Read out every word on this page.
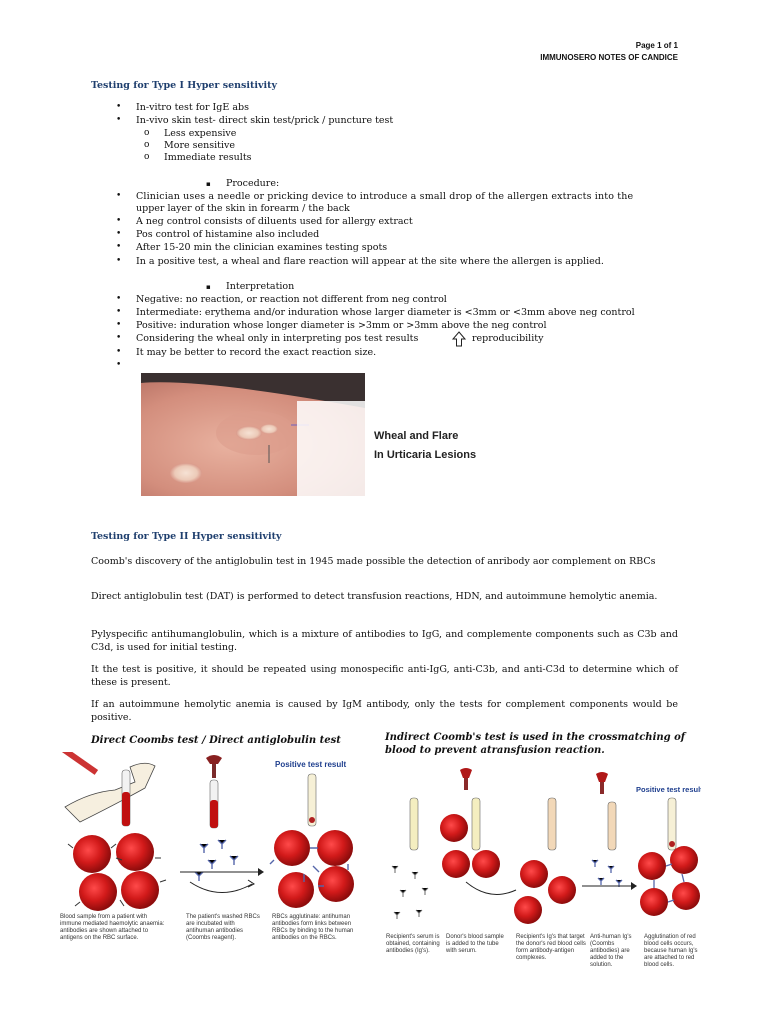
Page 1 of 1
IMMUNOSERO NOTES OF CANDICE
Testing for Type I Hyper sensitivity
• In-vitro test for IgE abs
• In-vivo skin test- direct skin test/prick / puncture test
o Less expensive
o More sensitive
o Immediate results
▪ Procedure:
• Clinician uses a needle or pricking device to introduce a small drop of the allergen extracts into the
upper layer of the skin in forearm / the back
• A neg control consists of diluents used for allergy extract
• Pos control of histamine also included
• After 15-20 min the clinician examines testing spots
• In a positive test, a wheal and flare reaction will appear at the site where the allergen is applied.
▪ Interpretation
• Negative: no reaction, or reaction not different from neg control
• Intermediate: erythema and/or induration whose larger diameter is <3mm or <3mm above neg control
• Positive: induration whose longer diameter is >3mm or >3mm above the neg control
• Considering the wheal only in interpreting pos test results	reproducibility
• It may be better to record the exact reaction size.
•
Wheal and Flare
In Urticaria Lesions
Testing for Type II Hyper sensitivity
Coomb's discovery of the antiglobulin test in 1945 made possible the detection of anribody aor complement on RBCs
Direct antiglobulin test (DAT) is performed to detect transfusion reactions, HDN, and autoimmune hemolytic anemia.
Pylyspecific antihumanglobulin, which is a mixture of antibodies to IgG, and complemente components such as C3b and C3d, is used for initial testing.
It the test is positive, it should be repeated using monospecific anti-IgG, anti-C3b, and anti-C3d to determine which of these is present.
If an autoimmune hemolytic anemia is caused by IgM antibody, only the tests for complement components would be positive.
Direct Coombs test / Direct antiglobulin test	Indirect Coomb's test is used in the crossmatching of blood to prevent atransfusion reaction.
Positive test result
Blood sample from a patient with immune mediated haemolytic anaemia: antibodies are shown attached to antigens on the RBC surface.
The patient's washed RBCs are incubated with antihuman antibodies (Coombs reagent).
RBCs agglutinate: antihuman antibodies form links between RBCs by binding to the human antibodies on the RBCs.
Positive test result
Recipient's serum is obtained, containing antibodies (Ig's).
Donor's blood sample is added to the tube with serum.
Recipient's Ig's that target the donor's red blood cells form antibody-antigen complexes.
Anti-human Ig's (Coombs antibodies) are added to the solution.
Agglutination of red blood cells occurs, because human Ig's are attached to red blood cells.
